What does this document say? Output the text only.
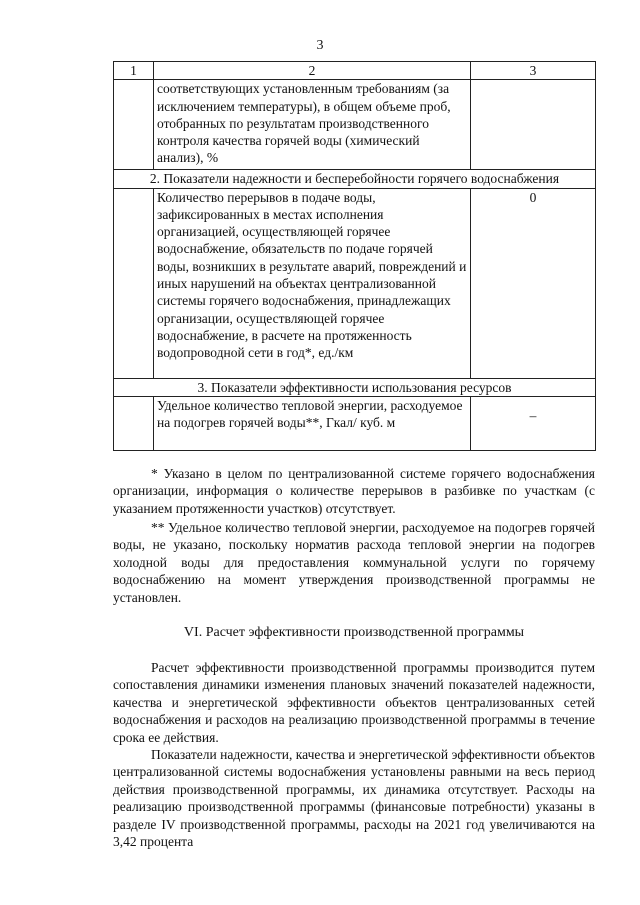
3
1	2	3
	соответствующих установленным требованиям (за исключением температуры), в общем объеме проб, отобранных по результатам производственного контроля качества горячей воды (химический анализ), %	
2. Показатели надежности и бесперебойности горячего водоснабжения		
	Количество перерывов в подаче воды, зафиксированных в местах исполнения организацией, осуществляющей горячее водоснабжение, обязательств по подаче горячей воды, возникших в результате аварий, повреждений и иных нарушений на объектах централизованной системы горячего водоснабжения, принадлежащих организации, осуществляющей горячее водоснабжение, в расчете на протяженность водопроводной сети в год*, ед./км	0
3. Показатели эффективности использования ресурсов		
	Удельное количество тепловой энергии, расходуемое на подогрев горячей воды**, Гкал/ куб. м	–

* Указано в целом по централизованной системе горячего водоснабжения организации, информация о количестве перерывов в разбивке по участкам (с указанием протяженности участков) отсутствует.

** Удельное количество тепловой энергии, расходуемое на подогрев горячей воды, не указано, поскольку норматив расхода тепловой энергии на подогрев холодной воды для предоставления коммунальной услуги по горячему водоснабжению на момент утверждения производственной программы не установлен.

VI. Расчет эффективности производственной программы

Расчет эффективности производственной программы производится путем сопоставления динамики изменения плановых значений показателей надежности, качества и энергетической эффективности объектов централизованных сетей водоснабжения и расходов на реализацию производственной программы в течение срока ее действия.

Показатели надежности, качества и энергетической эффективности объектов централизованной системы водоснабжения установлены равными на весь период действия производственной программы, их динамика отсутствует. Расходы на реализацию производственной программы (финансовые потребности) указаны в разделе IV производственной программы, расходы на 2021 год увеличиваются на 3,42 процента
